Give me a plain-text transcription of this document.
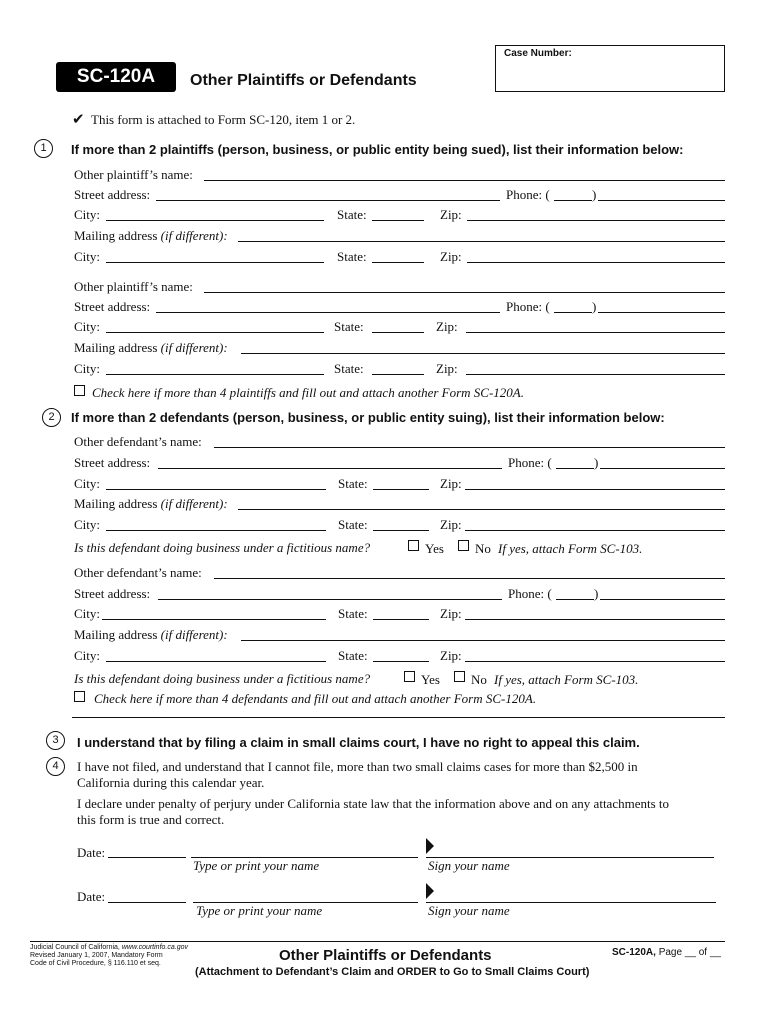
Case Number:
SC-120A	Other Plaintiffs or Defendants
✔ This form is attached to Form SC-120, item 1 or 2.
1	If more than 2 plaintiffs (person, business, or public entity being sued), list their information below:
Other plaintiff’s name:
Street address:	Phone: (	)
City:	State:	Zip:
Mailing address (if different):
City:	State:	Zip:
Other plaintiff’s name:
Street address:	Phone: (	)
City:	State:	Zip:
Mailing address (if different):
City:	State:	Zip:
Check here if more than 4 plaintiffs and fill out and attach another Form SC-120A.
2	If more than 2 defendants (person, business, or public entity suing), list their information below:
Other defendant’s name:
Street address:	Phone: (	)
City:	State:	Zip:
Mailing address (if different):
City:	State:	Zip:
Is this defendant doing business under a fictitious name?	Yes No If yes, attach Form SC-103.
Other defendant’s name:
Street address:	Phone: (	)
City:	State:	Zip:
Mailing address (if different):
City:	State:	Zip:
Is this defendant doing business under a fictitious name?	Yes No If yes, attach Form SC-103.
Check here if more than 4 defendants and fill out and attach another Form SC-120A.
3	I understand that by filing a claim in small claims court, I have no right to appeal this claim.
4	I have not filed, and understand that I cannot file, more than two small claims cases for more than $2,500 in
California during this calendar year.
I declare under penalty of perjury under California state law that the information above and on any attachments to
this form is true and correct.
Date:
Type or print your name	Sign your name
Date:
Type or print your name	Sign your name
Judicial Council of California, www.courtinfo.ca.gov
Revised January 1, 2007, Mandatory Form
Code of Civil Procedure, § 116.110 et seq.	Other Plaintiffs or Defendants
(Attachment to Defendant’s Claim and ORDER to Go to Small Claims Court)
SC-120A, Page __ of __
